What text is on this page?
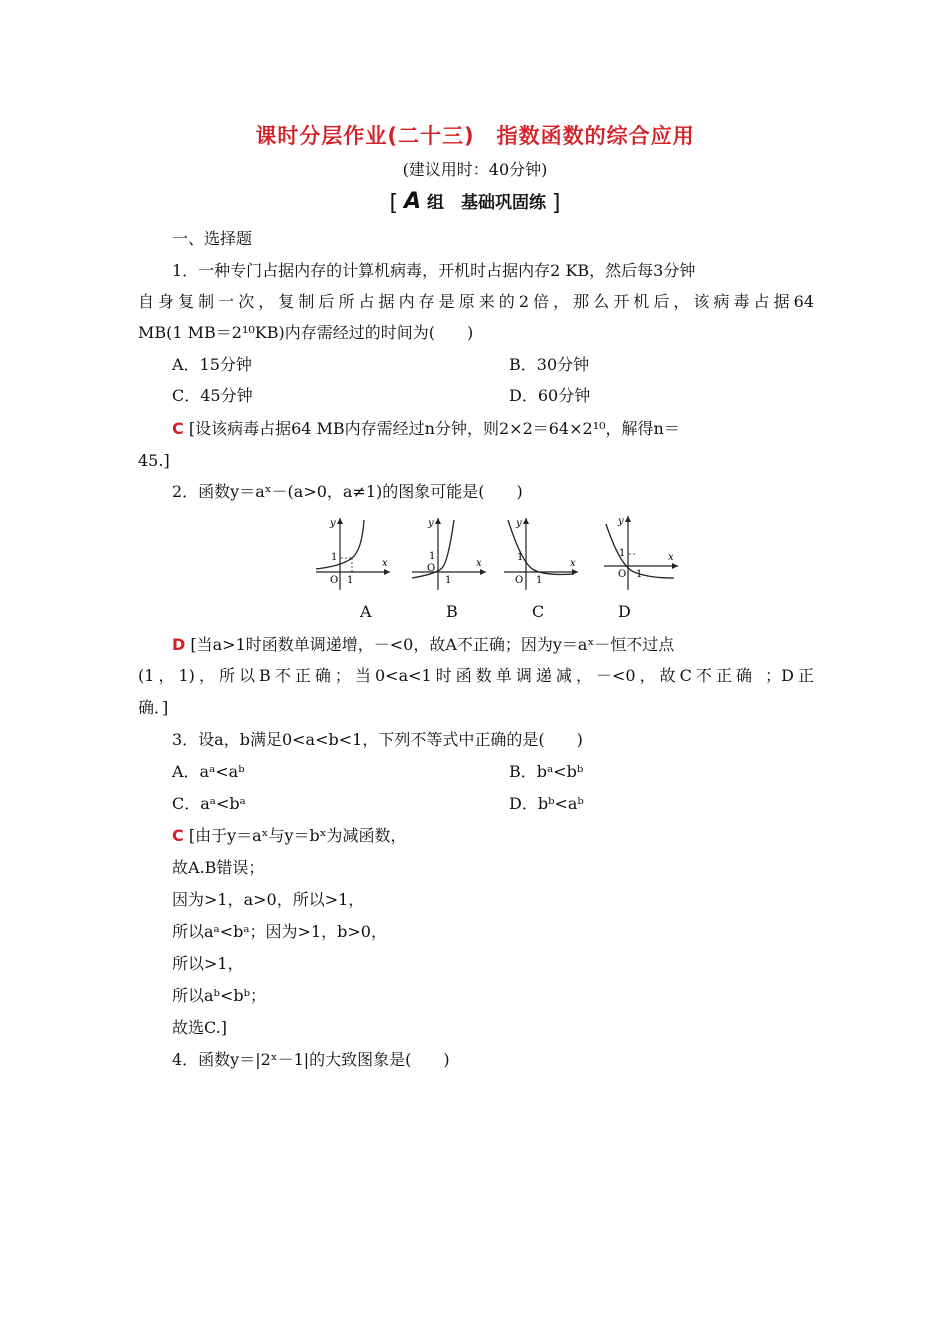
课时分层作业(二十三)　指数函数的综合应用
(建议用时：40分钟)
[ A 组　基础巩固练 ]
一、选择题
1．一种专门占据内存的计算机病毒，开机时占据内存2 KB，然后每3分钟
自身复制一次，复制后所占据内存是原来的2倍，那么开机后，该病毒占据64
MB(1 MB＝2¹⁰KB)内存需经过的时间为(　　)
A．15分钟	B．30分钟
C．45分钟	D．60分钟
C [设该病毒占据64 MB内存需经过n分钟，则2×2＝64×2¹⁰，解得n＝
45.]
2．函数y＝aˣ－(a>0，a≠1)的图象可能是(　　)
x
y
1
O 1
x
y
1
O
1
x
y
1
O 1
x
y
1
O 1
A	B	C	D
D [当a>1时函数单调递增，－<0，故A不正确；因为y＝aˣ－恒不过点
(1，1)，所以B不正确；当0<a<1时函数单调递减，－<0，故C不正确 ；D正
确．]
3．设a，b满足0<a<b<1，下列不等式中正确的是(　　)
A．aᵃ<aᵇ	B．bᵃ<bᵇ
C．aᵃ<bᵃ	D．bᵇ<aᵇ
C [由于y＝aˣ与y＝bˣ为减函数，
故A.B错误；
因为>1，a>0，所以>1，
所以aᵃ<bᵃ；因为>1，b>0，
所以>1，
所以aᵇ<bᵇ；
故选C.]
4．函数y＝|2ˣ－1|的大致图象是(　　)
